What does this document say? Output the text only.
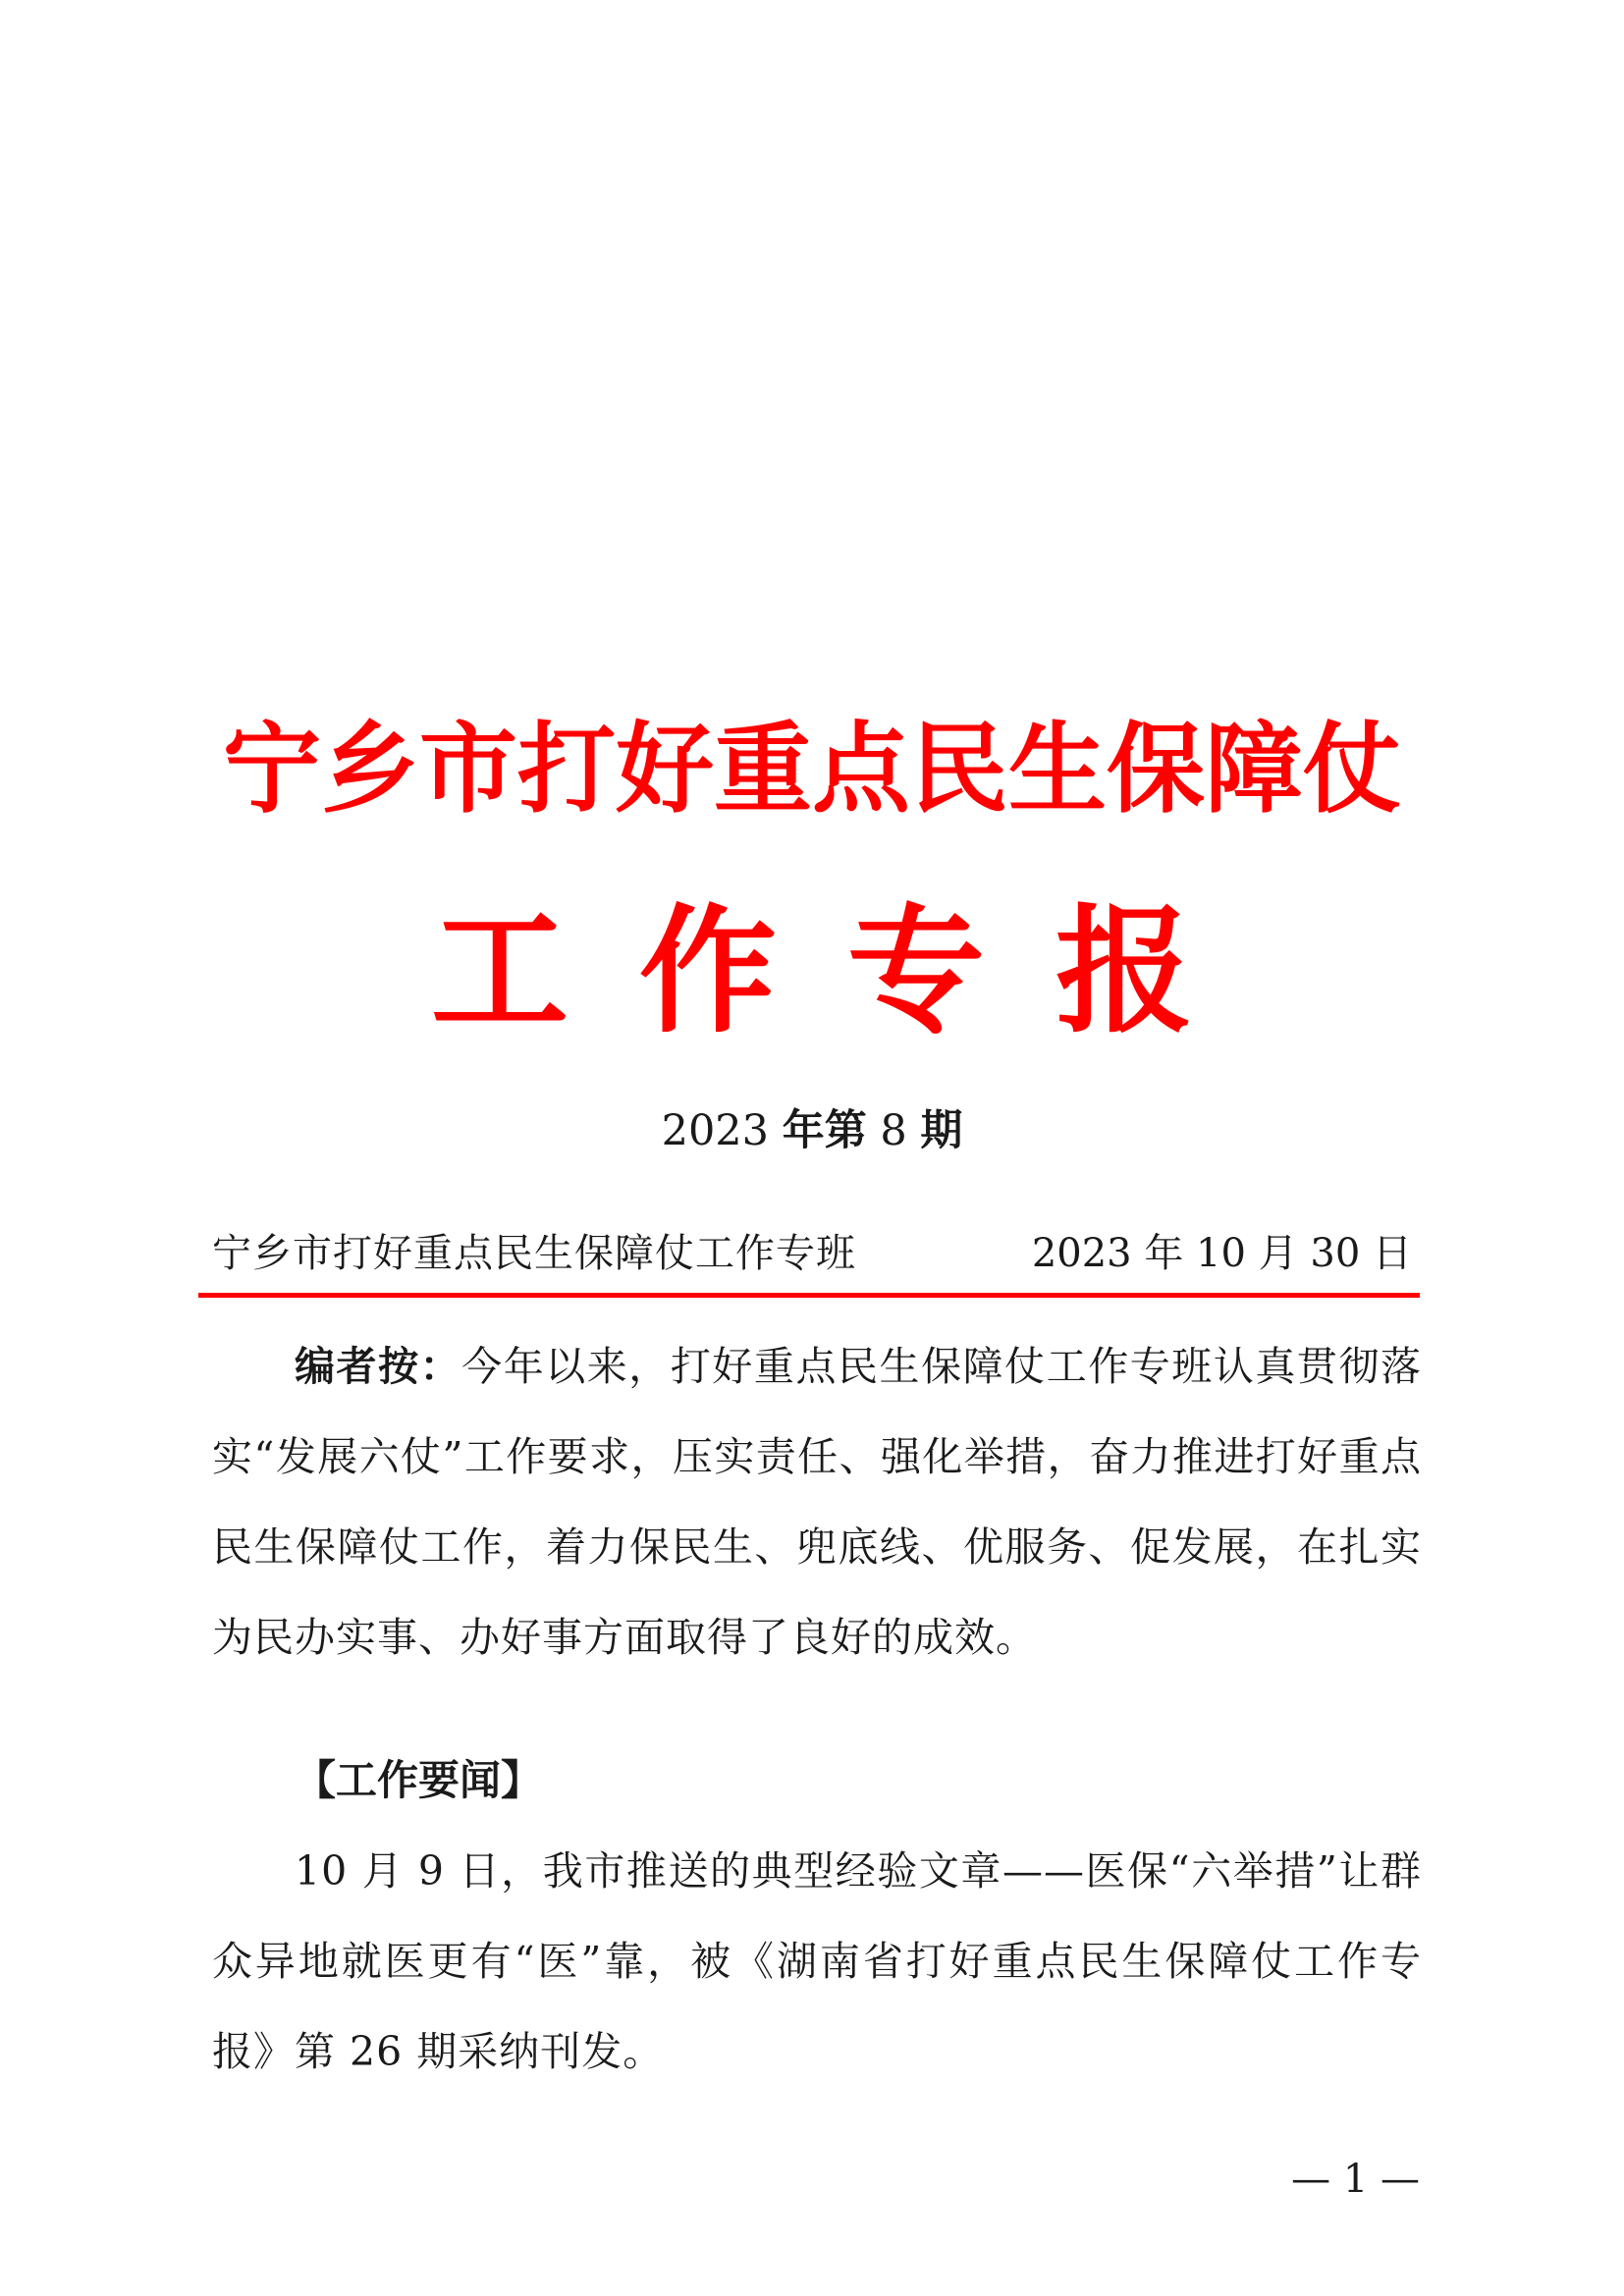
宁乡市打好重点民生保障仗
工作专报
2023 年第 8 期
宁乡市打好重点民生保障仗工作专班	2023 年 10 月 30 日
编者按：今年以来，打好重点民生保障仗工作专班认真贯彻落实“发展六仗”工作要求，压实责任、强化举措，奋力推进打好重点民生保障仗工作，着力保民生、兜底线、优服务、促发展，在扎实为民办实事、办好事方面取得了良好的成效。
【工作要闻】
10 月 9 日，我市推送的典型经验文章——医保“六举措”让群众异地就医更有“医”靠，被《湖南省打好重点民生保障仗工作专报》第 26 期采纳刊发。
— 1 —
